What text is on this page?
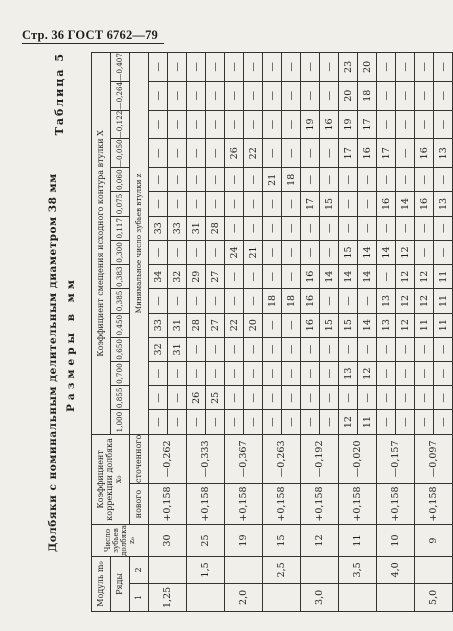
Стр. 36 ГОСТ 6762—79
Долбяки с номинальным делительным диаметром 38 мм Размеры в мм
Таблица 5
Модуль m₀		Число зубьев долбяка z₀	Коэффициент коррекции долбяка x₀		Коэффициент смещения исходного контура втулки X														
Ряды					1,000	0,855	0,700	0,650	0,450	0,385	0,383	0,300	0,117	0,075	0,060	—0,050	—0,122	—0,264	—0,407
1	2		нового	сточенного	Минимальное число зубьев втулки z														
1,25		30	+0,158	—0,262	—	—	—	32	33	—	34	—	33	—	—	—	—	—	—
					—	—	—	31	31	—	32	—	33	—	—	—	—	—	—
	1,5	25	+0,158	—0,333	—	26	—	—	28	—	29	—	31	—	—	—	—	—	—
					—	25	—	—	27	—	27	—	28	—	—	—	—	—	—
2,0		19	+0,158	—0,367	—	—	—	—	22	—	—	24	—	—	—	26	—	—	—
					—	—	—	—	20	—	—	21	—	—	—	22	—	—	—
	2,5	15	+0,158	—0,263	—	—	—	—	—	18	—	—	—	—	21	—	—	—	—
					—	—	—	—	—	18	—	—	—	—	18	—	—	—	—
3,0		12	+0,158	—0,192	—	—	—	—	16	16	16	—	—	17	—	—	19	—	—
					—	—	—	—	15	—	14	—	—	15	—	—	16	—	—
	3,5	11	+0,158	—0,020	12	—	13	—	15	—	14	15	—	—	—	17	19	20	23
					11	—	12	—	14	—	14	14	—	—	—	16	17	18	20
	4,0	10	+0,158	—0,157	—	—	—	—	13	13	—	14	—	16	—	17	—	—	—
					—	—	—	—	12	12	12	12	—	14	—	—	—	—	—
5,0		9	+0,158	—0,097	—	—	—	—	11	12	12	—	—	16	—	16	—	—	—
					—	—	—	—	11	11	11	—	—	13	—	13	—	—	—
